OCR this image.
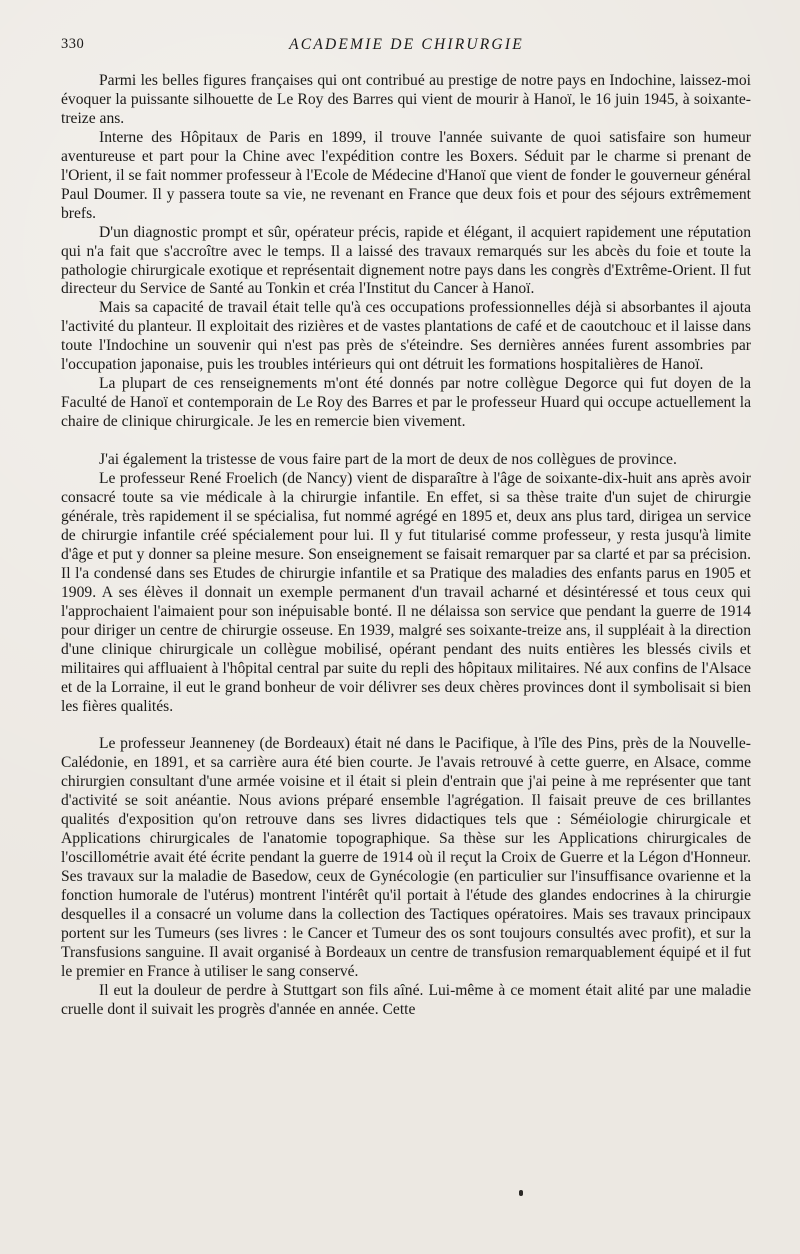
330	ACADEMIE DE CHIRURGIE

Parmi les belles figures françaises qui ont contribué au prestige de notre pays en Indochine, laissez-moi évoquer la puissante silhouette de Le Roy des Barres qui vient de mourir à Hanoï, le 16 juin 1945, à soixante-treize ans.

Interne des Hôpitaux de Paris en 1899, il trouve l'année suivante de quoi satisfaire son humeur aventureuse et part pour la Chine avec l'expédition contre les Boxers. Séduit par le charme si prenant de l'Orient, il se fait nommer professeur à l'Ecole de Médecine d'Hanoï que vient de fonder le gouverneur général Paul Doumer. Il y passera toute sa vie, ne revenant en France que deux fois et pour des séjours extrêmement brefs.

D'un diagnostic prompt et sûr, opérateur précis, rapide et élégant, il acquiert rapidement une réputation qui n'a fait que s'accroître avec le temps. Il a laissé des travaux remarqués sur les abcès du foie et toute la pathologie chirurgicale exotique et représentait dignement notre pays dans les congrès d'Extrême-Orient. Il fut directeur du Service de Santé au Tonkin et créa l'Institut du Cancer à Hanoï.

Mais sa capacité de travail était telle qu'à ces occupations professionnelles déjà si absorbantes il ajouta l'activité du planteur. Il exploitait des rizières et de vastes plantations de café et de caoutchouc et il laisse dans toute l'Indochine un souvenir qui n'est pas près de s'éteindre. Ses dernières années furent assombries par l'occupation japonaise, puis les troubles intérieurs qui ont détruit les formations hospitalières de Hanoï.

La plupart de ces renseignements m'ont été donnés par notre collègue Degorce qui fut doyen de la Faculté de Hanoï et contemporain de Le Roy des Barres et par le professeur Huard qui occupe actuellement la chaire de clinique chirurgicale. Je les en remercie bien vivement.

J'ai également la tristesse de vous faire part de la mort de deux de nos collègues de province.

Le professeur René Froelich (de Nancy) vient de disparaître à l'âge de soixante-dix-huit ans après avoir consacré toute sa vie médicale à la chirurgie infantile. En effet, si sa thèse traite d'un sujet de chirurgie générale, très rapidement il se spécialisa, fut nommé agrégé en 1895 et, deux ans plus tard, dirigea un service de chirurgie infantile créé spécialement pour lui. Il y fut titularisé comme professeur, y resta jusqu'à limite d'âge et put y donner sa pleine mesure. Son enseignement se faisait remarquer par sa clarté et par sa précision. Il l'a condensé dans ses Etudes de chirurgie infantile et sa Pratique des maladies des enfants parus en 1905 et 1909. A ses élèves il donnait un exemple permanent d'un travail acharné et désintéressé et tous ceux qui l'approchaient l'aimaient pour son inépuisable bonté. Il ne délaissa son service que pendant la guerre de 1914 pour diriger un centre de chirurgie osseuse. En 1939, malgré ses soixante-treize ans, il suppléait à la direction d'une clinique chirurgicale un collègue mobilisé, opérant pendant des nuits entières les blessés civils et militaires qui affluaient à l'hôpital central par suite du repli des hôpitaux militaires. Né aux confins de l'Alsace et de la Lorraine, il eut le grand bonheur de voir délivrer ses deux chères provinces dont il symbolisait si bien les fières qualités.

Le professeur Jeanneney (de Bordeaux) était né dans le Pacifique, à l'île des Pins, près de la Nouvelle-Calédonie, en 1891, et sa carrière aura été bien courte. Je l'avais retrouvé à cette guerre, en Alsace, comme chirurgien consultant d'une armée voisine et il était si plein d'entrain que j'ai peine à me représenter que tant d'activité se soit anéantie. Nous avions préparé ensemble l'agrégation. Il faisait preuve de ces brillantes qualités d'exposition qu'on retrouve dans ses livres didactiques tels que : Séméiologie chirurgicale et Applications chirurgicales de l'anatomie topographique. Sa thèse sur les Applications chirurgicales de l'oscillométrie avait été écrite pendant la guerre de 1914 où il reçut la Croix de Guerre et la Légon d'Honneur. Ses travaux sur la maladie de Basedow, ceux de Gynécologie (en particulier sur l'insuffisance ovarienne et la fonction humorale de l'utérus) montrent l'intérêt qu'il portait à l'étude des glandes endocrines à la chirurgie desquelles il a consacré un volume dans la collection des Tactiques opératoires. Mais ses travaux principaux portent sur les Tumeurs (ses livres : le Cancer et Tumeur des os sont toujours consultés avec profit), et sur la Transfusions sanguine. Il avait organisé à Bordeaux un centre de transfusion remarquablement équipé et il fut le premier en France à utiliser le sang conservé.

Il eut la douleur de perdre à Stuttgart son fils aîné. Lui-même à ce moment était alité par une maladie cruelle dont il suivait les progrès d'année en année. Cette
